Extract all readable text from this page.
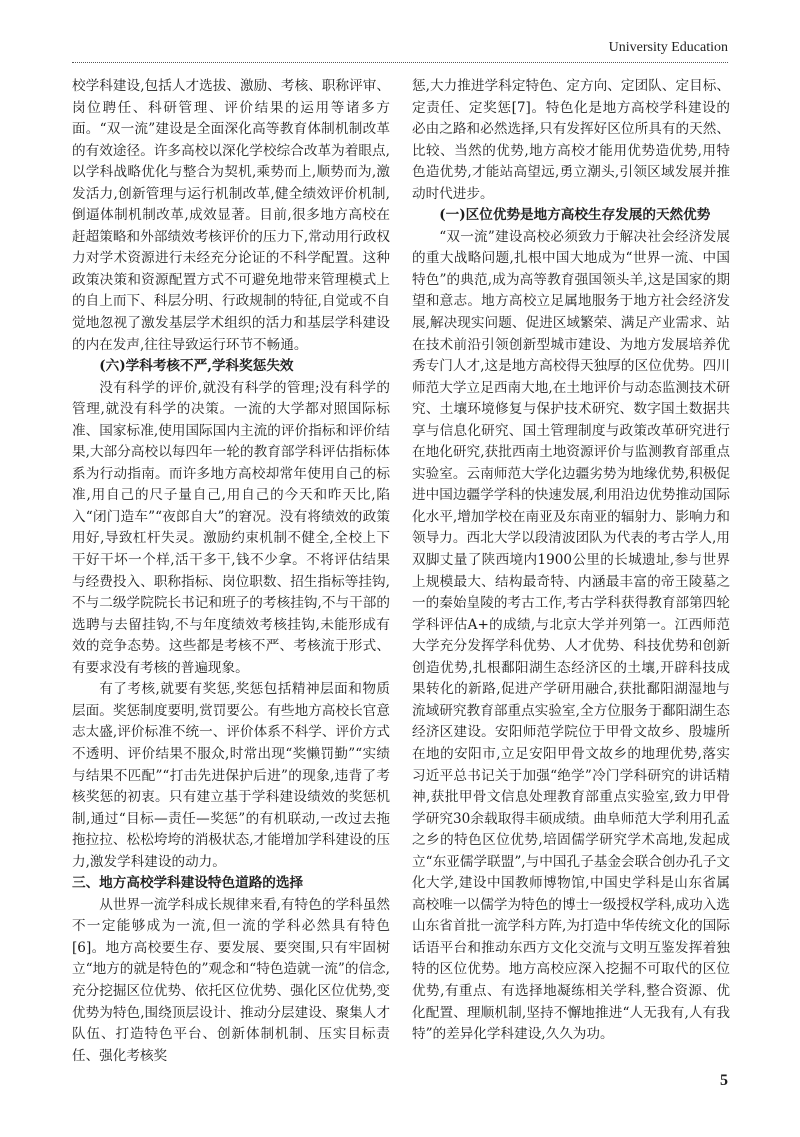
University Education

校学科建设,包括人才选拔、激励、考核、职称评审、岗位聘任、科研管理、评价结果的运用等诸多方面。“双一流”建设是全面深化高等教育体制机制改革的有效途径。许多高校以深化学校综合改革为着眼点,以学科战略优化与整合为契机,乘势而上,顺势而为,激发活力,创新管理与运行机制改革,健全绩效评价机制,倒逼体制机制改革,成效显著。目前,很多地方高校在赶超策略和外部绩效考核评价的压力下,常动用行政权力对学术资源进行未经充分论证的不科学配置。这种政策决策和资源配置方式不可避免地带来管理模式上的自上而下、科层分明、行政规制的特征,自觉或不自觉地忽视了激发基层学术组织的活力和基层学科建设的内在发声,往往导致运行环节不畅通。

(六)学科考核不严,学科奖惩失效

没有科学的评价,就没有科学的管理;没有科学的管理,就没有科学的决策。一流的大学都对照国际标准、国家标准,使用国际国内主流的评价指标和评价结果,大部分高校以每四年一轮的教育部学科评估指标体系为行动指南。而许多地方高校却常年使用自己的标准,用自己的尺子量自己,用自己的今天和昨天比,陷入“闭门造车”“夜郎自大”的窘况。没有将绩效的政策用好,导致杠杆失灵。激励约束机制不健全,全校上下干好干坏一个样,活干多干,钱不少拿。不将评估结果与经费投入、职称指标、岗位职数、招生指标等挂钩,不与二级学院院长书记和班子的考核挂钩,不与干部的选聘与去留挂钩,不与年度绩效考核挂钩,未能形成有效的竞争态势。这些都是考核不严、考核流于形式、有要求没有考核的普遍现象。

有了考核,就要有奖惩,奖惩包括精神层面和物质层面。奖惩制度要明,赏罚要公。有些地方高校长官意志太盛,评价标准不统一、评价体系不科学、评价方式不透明、评价结果不服众,时常出现“奖懒罚勤”“实绩与结果不匹配”“打击先进保护后进”的现象,违背了考核奖惩的初衷。只有建立基于学科建设绩效的奖惩机制,通过“目标—责任—奖惩”的有机联动,一改过去拖拖拉拉、松松垮垮的消极状态,才能增加学科建设的压力,激发学科建设的动力。

三、地方高校学科建设特色道路的选择

从世界一流学科成长规律来看,有特色的学科虽然不一定能够成为一流,但一流的学科必然具有特色[6]。地方高校要生存、要发展、要突围,只有牢固树立“地方的就是特色的”观念和“特色造就一流”的信念,充分挖掘区位优势、依托区位优势、强化区位优势,变优势为特色,围绕顶层设计、推动分层建设、聚集人才队伍、打造特色平台、创新体制机制、压实目标责任、强化考核奖

惩,大力推进学科定特色、定方向、定团队、定目标、定责任、定奖惩[7]。特色化是地方高校学科建设的必由之路和必然选择,只有发挥好区位所具有的天然、比较、当然的优势,地方高校才能用优势造优势,用特色造优势,才能站高望远,勇立潮头,引领区域发展并推动时代进步。

(一)区位优势是地方高校生存发展的天然优势

“双一流”建设高校必须致力于解决社会经济发展的重大战略问题,扎根中国大地成为“世界一流、中国特色”的典范,成为高等教育强国领头羊,这是国家的期望和意志。地方高校立足属地服务于地方社会经济发展,解决现实问题、促进区域繁荣、满足产业需求、站在技术前沿引领创新型城市建设、为地方发展培养优秀专门人才,这是地方高校得天独厚的区位优势。四川师范大学立足西南大地,在土地评价与动态监测技术研究、土壤环境修复与保护技术研究、数字国土数据共享与信息化研究、国土管理制度与政策改革研究进行在地化研究,获批西南土地资源评价与监测教育部重点实验室。云南师范大学化边疆劣势为地缘优势,积极促进中国边疆学学科的快速发展,利用沿边优势推动国际化水平,增加学校在南亚及东南亚的辐射力、影响力和领导力。西北大学以段清波团队为代表的考古学人,用双脚丈量了陕西境内1900公里的长城遗址,参与世界上规模最大、结构最奇特、内涵最丰富的帝王陵墓之一的秦始皇陵的考古工作,考古学科获得教育部第四轮学科评估A+的成绩,与北京大学并列第一。江西师范大学充分发挥学科优势、人才优势、科技优势和创新创造优势,扎根鄱阳湖生态经济区的土壤,开辟科技成果转化的新路,促进产学研用融合,获批鄱阳湖湿地与流域研究教育部重点实验室,全方位服务于鄱阳湖生态经济区建设。安阳师范学院位于甲骨文故乡、殷墟所在地的安阳市,立足安阳甲骨文故乡的地理优势,落实习近平总书记关于加强“绝学”冷门学科研究的讲话精神,获批甲骨文信息处理教育部重点实验室,致力甲骨学研究30余载取得丰硕成绩。曲阜师范大学利用孔孟之乡的特色区位优势,培固儒学研究学术高地,发起成立“东亚儒学联盟”,与中国孔子基金会联合创办孔子文化大学,建设中国教师博物馆,中国史学科是山东省属高校唯一以儒学为特色的博士一级授权学科,成功入选山东省首批一流学科方阵,为打造中华传统文化的国际话语平台和推动东西方文化交流与文明互鉴发挥着独特的区位优势。地方高校应深入挖掘不可取代的区位优势,有重点、有选择地凝练相关学科,整合资源、优化配置、理顺机制,坚持不懈地推进“人无我有,人有我特”的差异化学科建设,久久为功。

5
